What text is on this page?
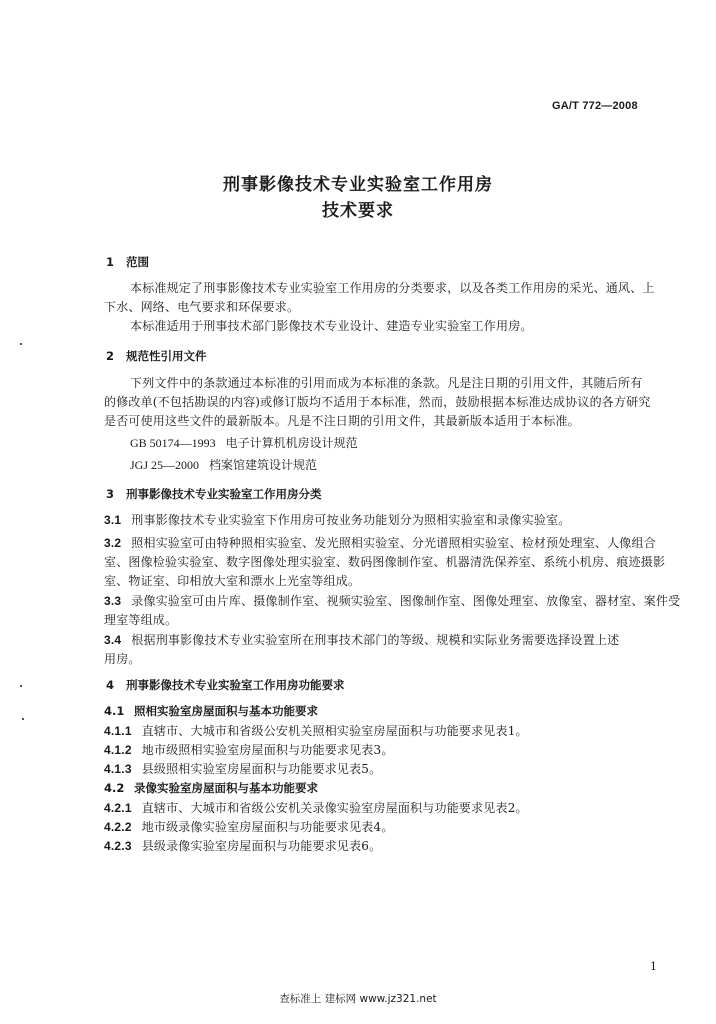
GA/T 772—2008
刑事影像技术专业实验室工作用房
技术要求
1 范围
本标准规定了刑事影像技术专业实验室工作用房的分类要求，以及各类工作用房的采光、通风、上
下水、网络、电气要求和环保要求。
本标准适用于刑事技术部门影像技术专业设计、建造专业实验室工作用房。
2 规范性引用文件
下列文件中的条款通过本标准的引用而成为本标准的条款。凡是注日期的引用文件，其随后所有
的修改单(不包括勘误的内容)或修订版均不适用于本标准，然而，鼓励根据本标准达成协议的各方研究
是否可使用这些文件的最新版本。凡是不注日期的引用文件，其最新版本适用于本标准。
GB 50174—1993 电子计算机机房设计规范
JGJ 25—2000 档案馆建筑设计规范
3 刑事影像技术专业实验室工作用房分类
3.1 刑事影像技术专业实验室下作用房可按业务功能划分为照相实验室和录像实验室。
3.2 照相实验室可由特种照相实验室、发光照相实验室、分光谱照相实验室、检材预处理室、人像组合
室、图像检验实验室、数字图像处理实验室、数码图像制作室、机器清洗保养室、系统小机房、痕迹摄影
室、物证室、印相放大室和漂水上光室等组成。
3.3 录像实验室可由片库、摄像制作室、视频实验室、图像制作室、图像处理室、放像室、器材室、案件受
理室等组成。
3.4 根据刑事影像技术专业实验室所在刑事技术部门的等级、规模和实际业务需要选择设置上述
用房。
4 刑事影像技术专业实验室工作用房功能要求
4.1 照相实验室房屋面积与基本功能要求
4.1.1 直辖市、大城市和省级公安机关照相实验室房屋面积与功能要求见表1。
4.1.2 地市级照相实验室房屋面积与功能要求见表3。
4.1.3 县级照相实验室房屋面积与功能要求见表5。
4.2 录像实验室房屋面积与基本功能要求
4.2.1 直辖市、大城市和省级公安机关录像实验室房屋面积与功能要求见表2。
4.2.2 地市级录像实验室房屋面积与功能要求见表4。
4.2.3 县级录像实验室房屋面积与功能要求见表6。
1
查标准上 建标网 www.jz321.net
